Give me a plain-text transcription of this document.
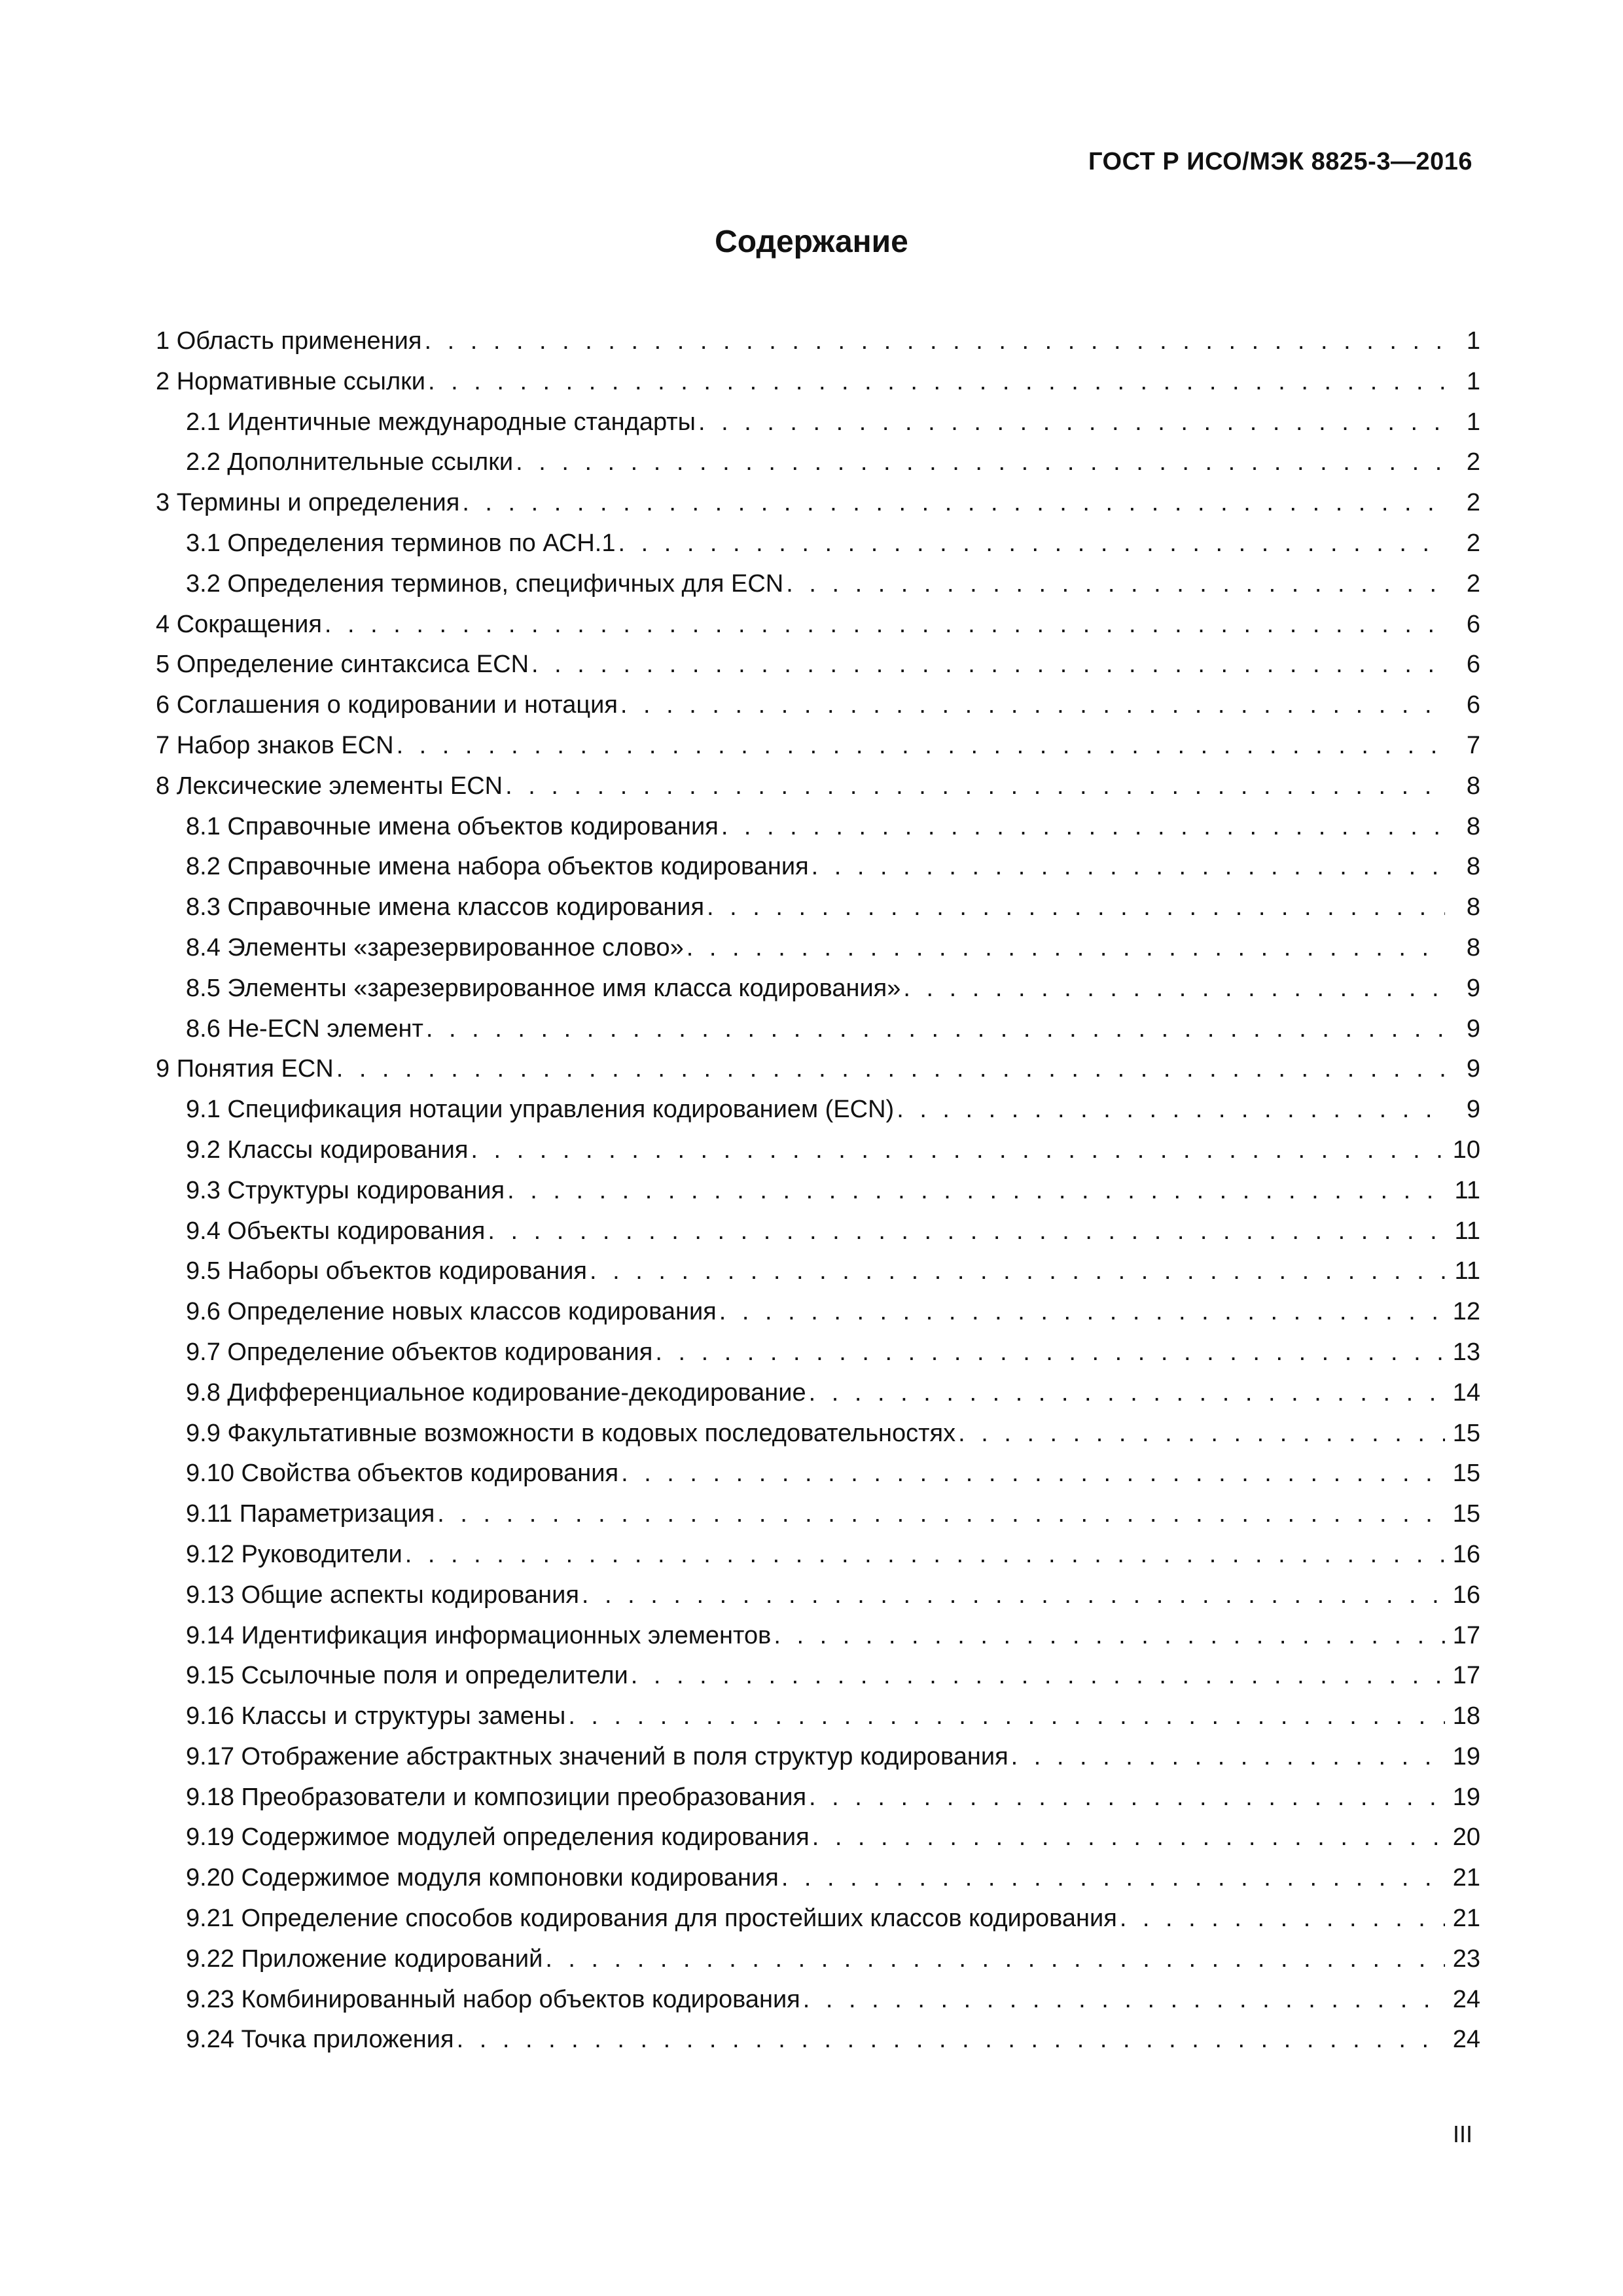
ГОСТ Р ИСО/МЭК 8825-3—2016
Содержание
1 Область применения . . .	1
2 Нормативные ссылки . . .	1
2.1 Идентичные международные стандарты . . .	1
2.2 Дополнительные ссылки . . .	2
3 Термины и определения . . .	2
3.1 Определения терминов по АСН.1 . . .	2
3.2 Определения терминов, специфичных для ECN . . .	2
4 Сокращения . . .	6
5 Определение синтаксиса ECN . . .	6
6 Соглашения о кодировании и нотация . . .	6
7 Набор знаков ECN . . .	7
8 Лексические элементы ECN . . .	8
8.1 Справочные имена объектов кодирования . . .	8
8.2 Справочные имена набора объектов кодирования . . .	8
8.3 Справочные имена классов кодирования . . .	8
8.4 Элементы «зарезервированное слово» . . .	8
8.5 Элементы «зарезервированное имя класса кодирования» . . .	9
8.6 Не-ECN элемент . . .	9
9 Понятия ECN . . .	9
9.1 Спецификация нотации управления кодированием (ECN) . . .	9
9.2 Классы кодирования . . .	10
9.3 Структуры кодирования . . .	11
9.4 Объекты кодирования . . .	11
9.5 Наборы объектов кодирования . . .	11
9.6 Определение новых классов кодирования . . .	12
9.7 Определение объектов кодирования . . .	13
9.8 Дифференциальное кодирование-декодирование . . .	14
9.9 Факультативные возможности в кодовых последовательностях . . .	15
9.10 Свойства объектов кодирования . . .	15
9.11 Параметризация . . .	15
9.12 Руководители . . .	16
9.13 Общие аспекты кодирования . . .	16
9.14 Идентификация информационных элементов . . .	17
9.15 Ссылочные поля и определители . . .	17
9.16 Классы и структуры замены . . .	18
9.17 Отображение абстрактных значений в поля структур кодирования . . .	19
9.18 Преобразователи и композиции преобразования . . .	19
9.19 Содержимое модулей определения кодирования . . .	20
9.20 Содержимое модуля компоновки кодирования . . .	21
9.21 Определение способов кодирования для простейших классов кодирования . . .	21
9.22 Приложение кодирований . . .	23
9.23 Комбинированный набор объектов кодирования . . .	24
9.24 Точка приложения . . .	24
III
